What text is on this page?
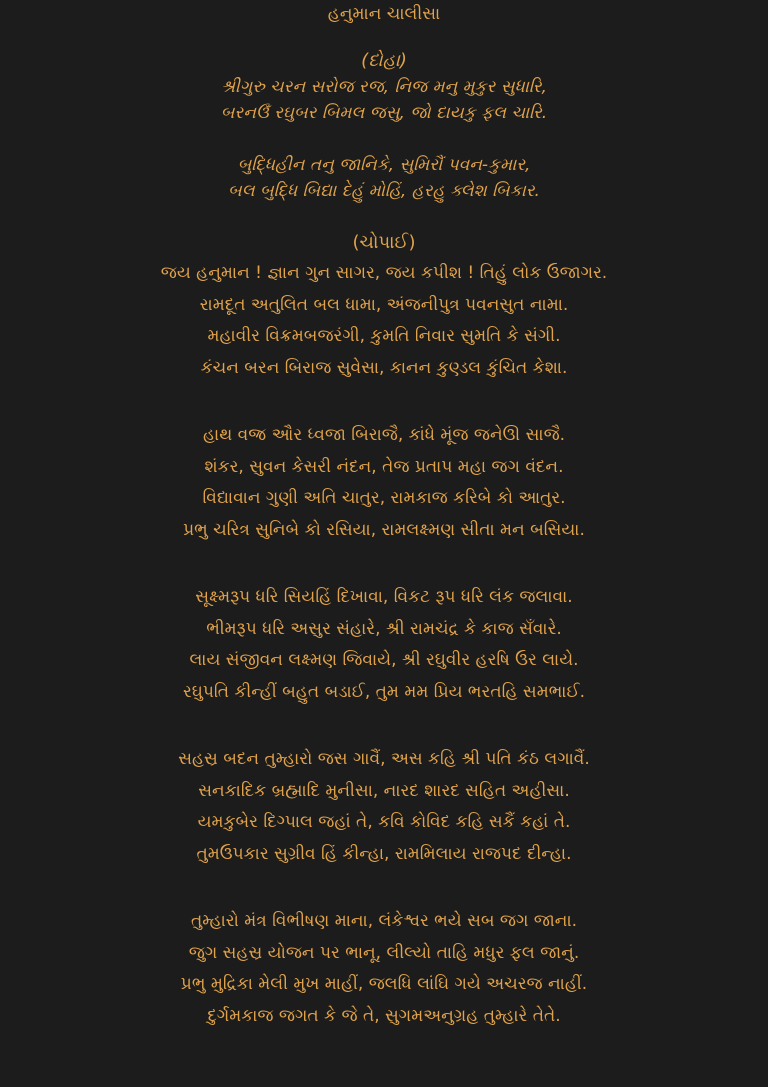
હનુમાન ચાલીસા
(દોહા)
શ્રીગુરુ ચરન સરોજ રજ, નિજ મનુ મુકુર સુધારિ,
બરનઉઁ રઘુબર બિમલ જસુ, જો દાયકુ ફલ ચારિ.
બુદ્ધિહીન તનુ જાનિકે, સુમિરૌં પવન-કુમાર,
બલ બુદ્ધિ બિદ્યા દેહું મોહિં, હરહુ ક્લેશ બિકાર.
(ચોપાઈ)
જય હનુમાન ! જ્ઞાન ગુન સાગર, જય કપીશ ! તિહું લોક ઉજાગર.
રામદૂત અતુલિત બલ ધામા, અંજનીપુત્ર પવનસુત નામા.
મહાવીર વિક્રમબજરંગી, કુમતિ નિવાર સુમતિ કે સંગી.
કંચન બરન બિરાજ સુવેસા, કાનન કુણ્ડલ કુંચિત કેશા.
હાથ વજ્ર ઔર ધ્વજા બિરાજૈ, કાંધે મૂંજ જનેઊ સાજૈ.
શંકર, સુવન કેસરી નંદન, તેજ પ્રતાપ મહા જગ વંદન.
વિદ્યાવાન ગુણી અતિ ચાતુર, રામકાજ કરિબે કો આતુર.
પ્રભુ ચરિત્ર સુનિબે કો રસિયા, રામલક્ષ્મણ સીતા મન બસિયા.
સૂક્ષ્મરૂપ ધરિ સિયહિં દિખાવા, વિકટ રૂપ ધરિ લંક જલાવા.
ભીમરૂપ ધરિ અસુર સંહારે, શ્રી રામચંદ્ર કે કાજ સઁવારે.
લાય સંજીવન લક્ષ્મણ જિવાયે, શ્રી રઘુવીર હરષિ ઉર લાયે.
રઘુપતિ કીન્હીં બહુત બડાઈ, તુમ મમ પ્રિય ભરતહિ સમભાઈ.
સહસ્ર બદન તુમ્હારો જસ ગાવૈં, અસ કહિ શ્રી પતિ કંઠ લગાવૈં.
સનકાદિક બ્રહ્માદિ મુનીસા, નારદ શારદ સહિત અહીસા.
યમકુબેર દિગ્પાલ જહાં તે, કવિ કોવિદ કહિ સકૈં કહાં તે.
તુમઉપકાર સુગ્રીવ હિં કીન્હા, રામમિલાય રાજપદ દીન્હા.
તુમ્હારો મંત્ર વિભીષણ માના, લંકેશ્વર ભયે સબ જગ જાના.
જુગ સહસ્ર યોજન પર ભાનૂ, લીલ્યો તાહિ મધુર ફલ જાનું.
પ્રભુ મુદ્રિકા મેલી મુખ માહીં, જલધિ લાંઘિ ગયે અચરજ નાહીં.
દુર્ગમકાજ જગત કે જે તે, સુગમઅનુગ્રહ તુમ્હારે તેતે.
